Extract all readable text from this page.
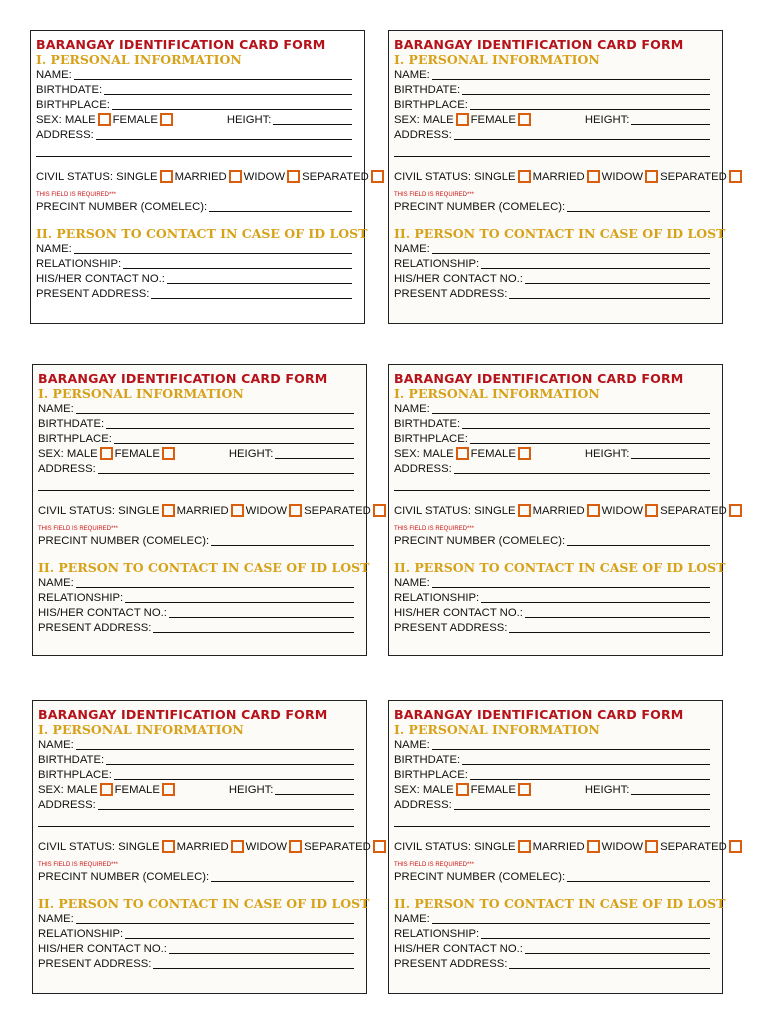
BARANGAY IDENTIFICATION CARD FORM
I. PERSONAL INFORMATION
NAME:
BIRTHDATE:
BIRTHPLACE:
SEX: MALE FEMALE	HEIGHT:
ADDRESS:
CIVIL STATUS: SINGLE MARRIED WIDOW SEPARATED
THIS FIELD IS REQUIRED***
PRECINT NUMBER (COMELEC):
II. PERSON TO CONTACT IN CASE OF ID LOST
NAME:
RELATIONSHIP:
HIS/HER CONTACT NO.:
PRESENT ADDRESS:
BARANGAY IDENTIFICATION CARD FORM
I. PERSONAL INFORMATION
NAME:
BIRTHDATE:
BIRTHPLACE:
SEX: MALE FEMALE	HEIGHT:
ADDRESS:
CIVIL STATUS: SINGLE MARRIED WIDOW SEPARATED
THIS FIELD IS REQUIRED***
PRECINT NUMBER (COMELEC):
II. PERSON TO CONTACT IN CASE OF ID LOST
NAME:
RELATIONSHIP:
HIS/HER CONTACT NO.:
PRESENT ADDRESS:
BARANGAY IDENTIFICATION CARD FORM
I. PERSONAL INFORMATION
NAME:
BIRTHDATE:
BIRTHPLACE:
SEX: MALE FEMALE	HEIGHT:
ADDRESS:
CIVIL STATUS: SINGLE MARRIED WIDOW SEPARATED
THIS FIELD IS REQUIRED***
PRECINT NUMBER (COMELEC):
II. PERSON TO CONTACT IN CASE OF ID LOST
NAME:
RELATIONSHIP:
HIS/HER CONTACT NO.:
PRESENT ADDRESS:
BARANGAY IDENTIFICATION CARD FORM
I. PERSONAL INFORMATION
NAME:
BIRTHDATE:
BIRTHPLACE:
SEX: MALE FEMALE	HEIGHT:
ADDRESS:
CIVIL STATUS: SINGLE MARRIED WIDOW SEPARATED
THIS FIELD IS REQUIRED***
PRECINT NUMBER (COMELEC):
II. PERSON TO CONTACT IN CASE OF ID LOST
NAME:
RELATIONSHIP:
HIS/HER CONTACT NO.:
PRESENT ADDRESS:
BARANGAY IDENTIFICATION CARD FORM
I. PERSONAL INFORMATION
NAME:
BIRTHDATE:
BIRTHPLACE:
SEX: MALE FEMALE	HEIGHT:
ADDRESS:
CIVIL STATUS: SINGLE MARRIED WIDOW SEPARATED
THIS FIELD IS REQUIRED***
PRECINT NUMBER (COMELEC):
II. PERSON TO CONTACT IN CASE OF ID LOST
NAME:
RELATIONSHIP:
HIS/HER CONTACT NO.:
PRESENT ADDRESS:
BARANGAY IDENTIFICATION CARD FORM
I. PERSONAL INFORMATION
NAME:
BIRTHDATE:
BIRTHPLACE:
SEX: MALE FEMALE	HEIGHT:
ADDRESS:
CIVIL STATUS: SINGLE MARRIED WIDOW SEPARATED
THIS FIELD IS REQUIRED***
PRECINT NUMBER (COMELEC):
II. PERSON TO CONTACT IN CASE OF ID LOST
NAME:
RELATIONSHIP:
HIS/HER CONTACT NO.:
PRESENT ADDRESS:
